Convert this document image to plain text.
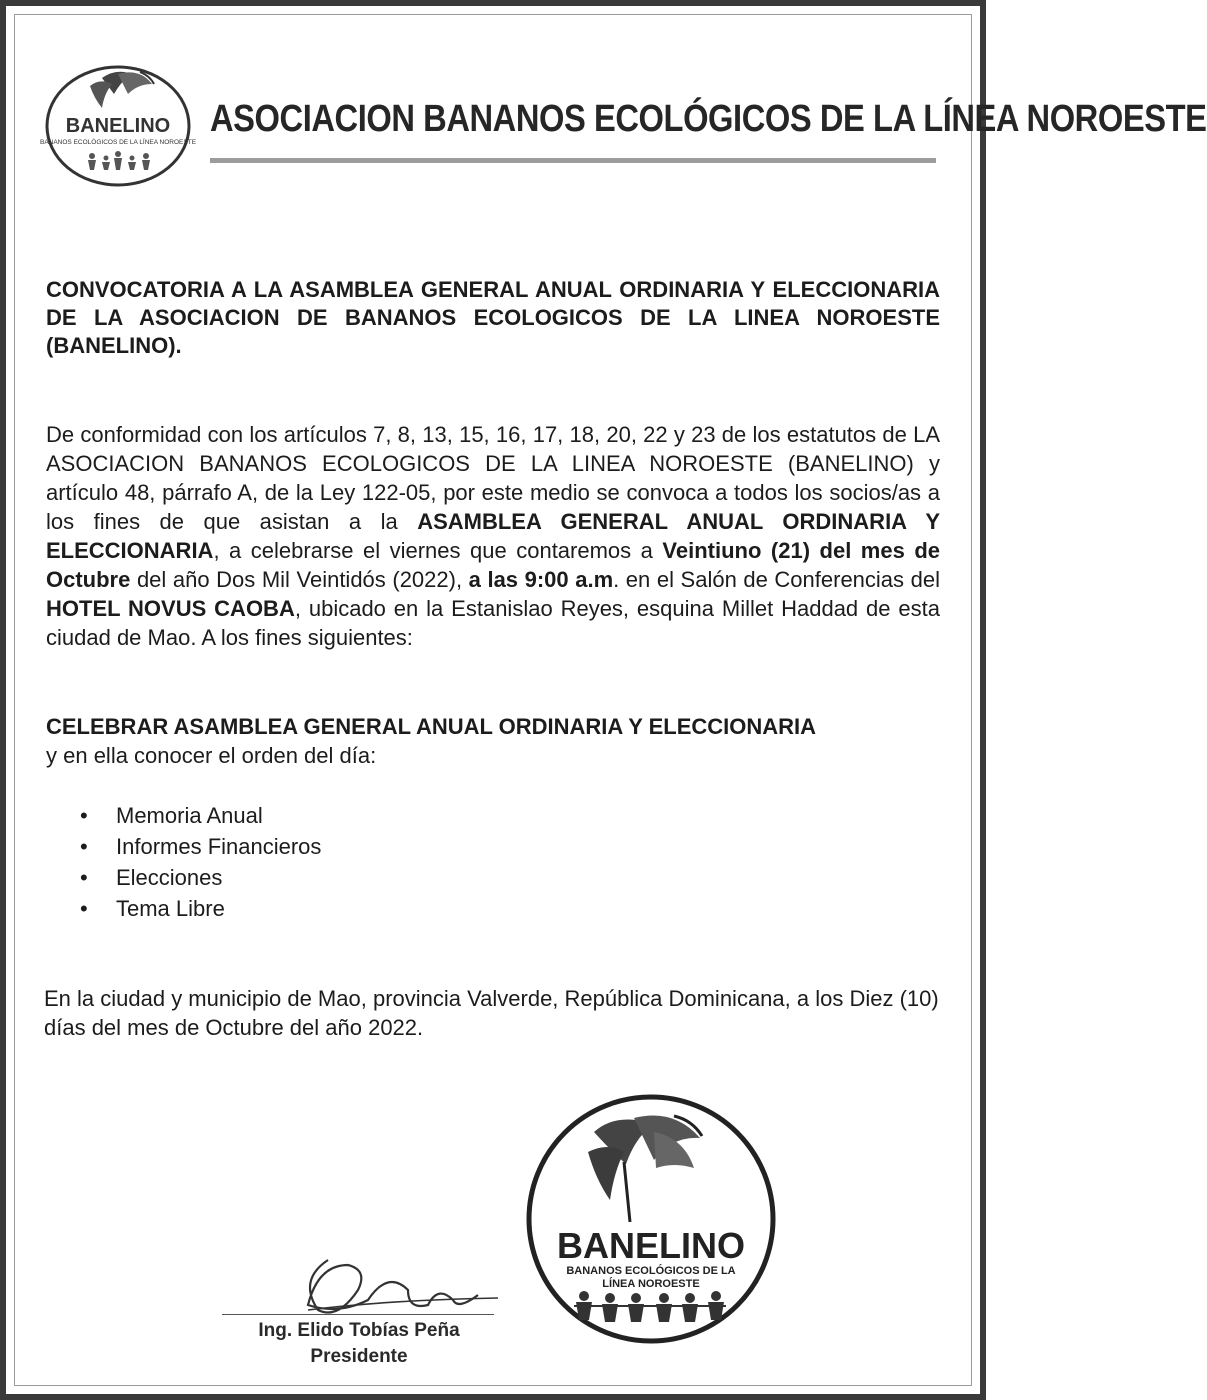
BANELINO
BANANOS ECOLÓGICOS DE LA LÍNEA NOROESTE
ASOCIACION BANANOS ECOLÓGICOS DE LA LÍNEA NOROESTE
CONVOCATORIA A LA ASAMBLEA GENERAL ANUAL ORDINARIA Y ELECCIONARIA DE LA ASOCIACION DE BANANOS ECOLOGICOS DE LA LINEA NOROESTE (BANELINO).
De conformidad con los artículos 7, 8, 13, 15, 16, 17, 18, 20, 22 y 23 de los estatutos de LA ASOCIACION BANANOS ECOLOGICOS DE LA LINEA NOROESTE (BANELINO) y artículo 48, párrafo A, de la Ley 122-05, por este medio se convoca a todos los socios/as a los fines de que asistan a la ASAMBLEA GENERAL ANUAL ORDINARIA Y ELECCIONARIA, a celebrarse el viernes que contaremos a Veintiuno (21) del mes de Octubre del año Dos Mil Veintidós (2022), a las 9:00 a.m. en el Salón de Conferencias del HOTEL NOVUS CAOBA, ubicado en la Estanislao Reyes, esquina Millet Haddad de esta ciudad de Mao. A los fines siguientes:
CELEBRAR ASAMBLEA GENERAL ANUAL ORDINARIA Y ELECCIONARIA
y en ella conocer el orden del día:
• Memoria Anual
• Informes Financieros
• Elecciones
• Tema Libre
En la ciudad y municipio de Mao, provincia Valverde, República Dominicana, a los Diez (10) días del mes de Octubre del año 2022.
Ing. Elido Tobías Peña
Presidente
BANELINO
BANANOS ECOLÓGICOS DE LA
LÍNEA NOROESTE
